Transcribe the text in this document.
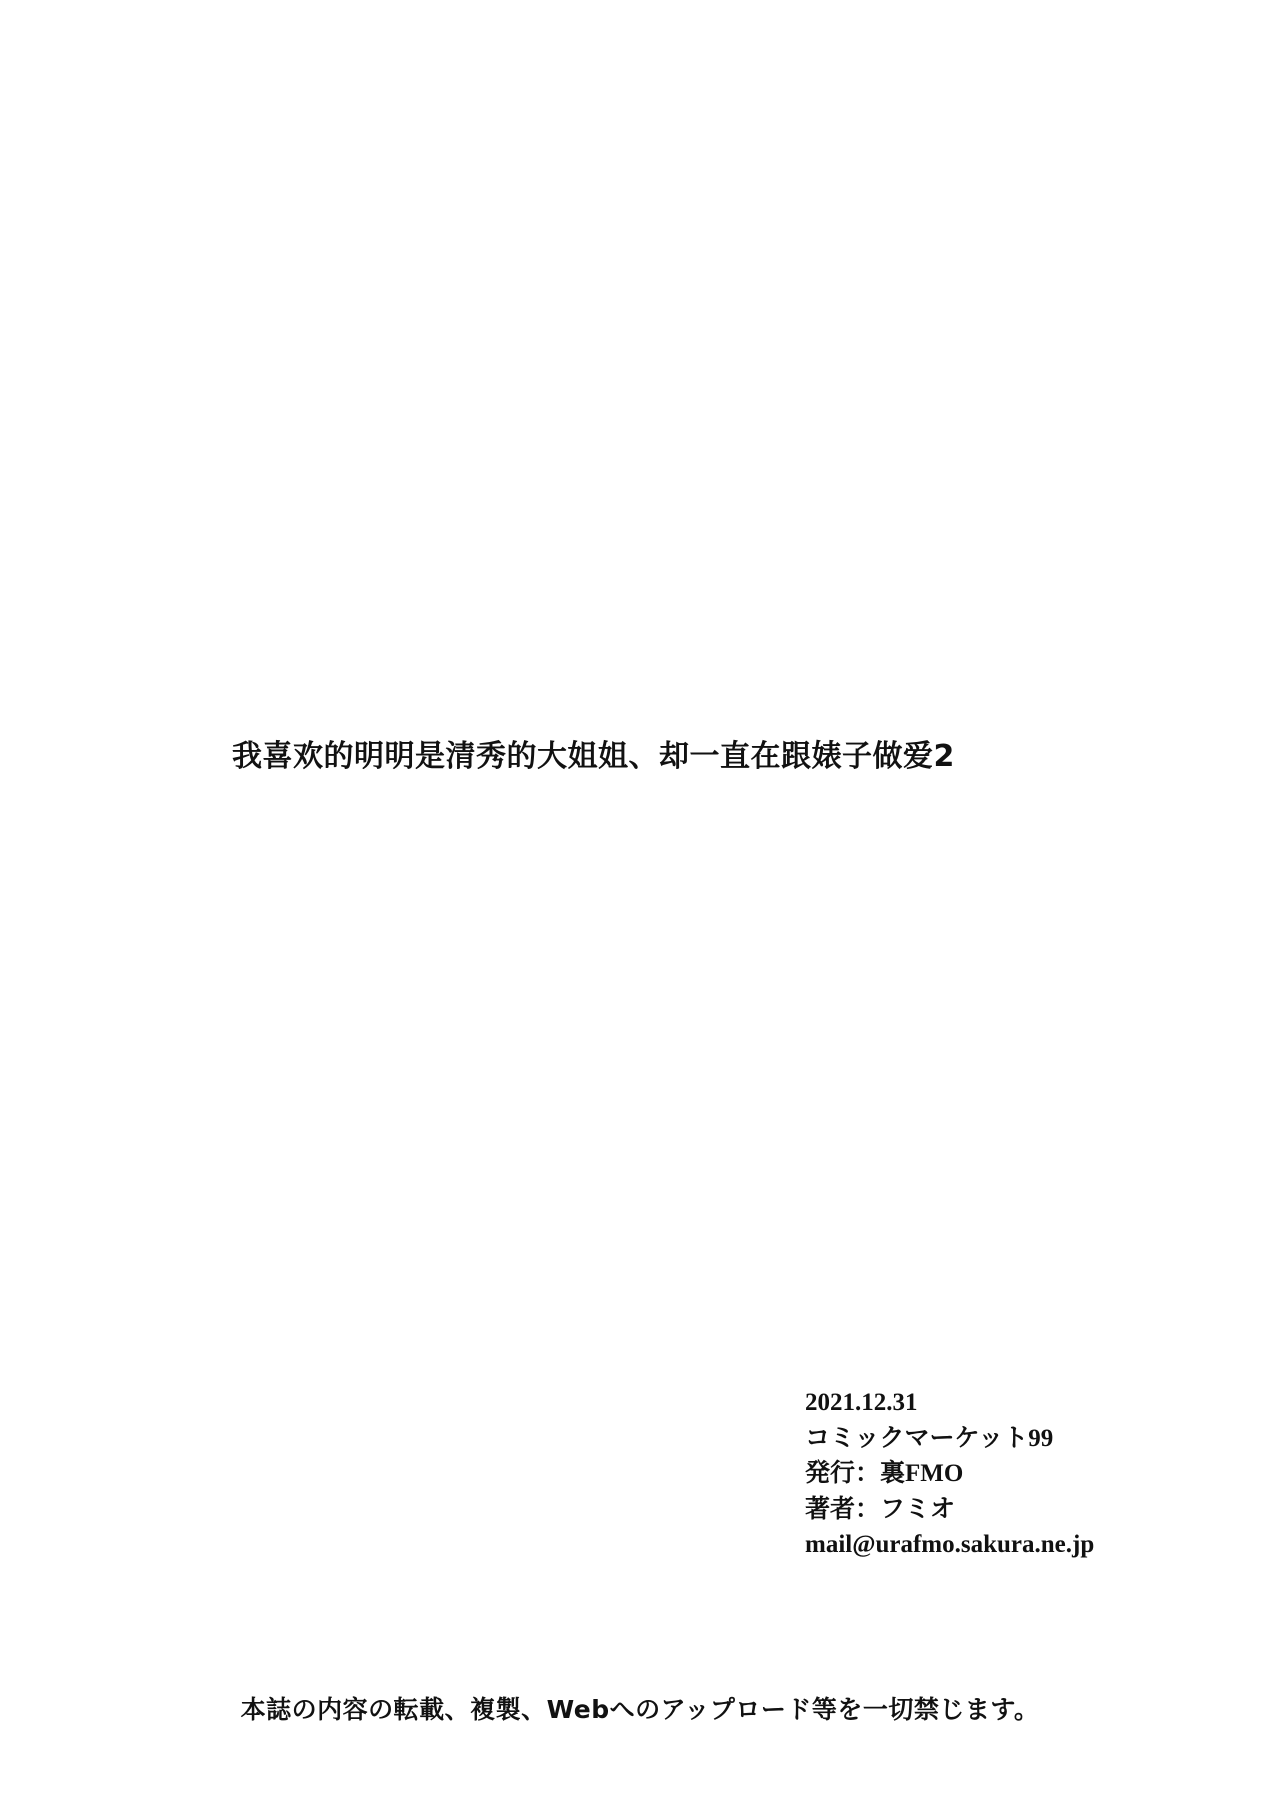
我喜欢的明明是清秀的大姐姐、却一直在跟婊子做爱2
2021.12.31
コミックマーケット99
発行：裏FMO
著者：フミオ
mail@urafmo.sakura.ne.jp
本誌の内容の転載、複製、Webへのアップロード等を一切禁じます。
